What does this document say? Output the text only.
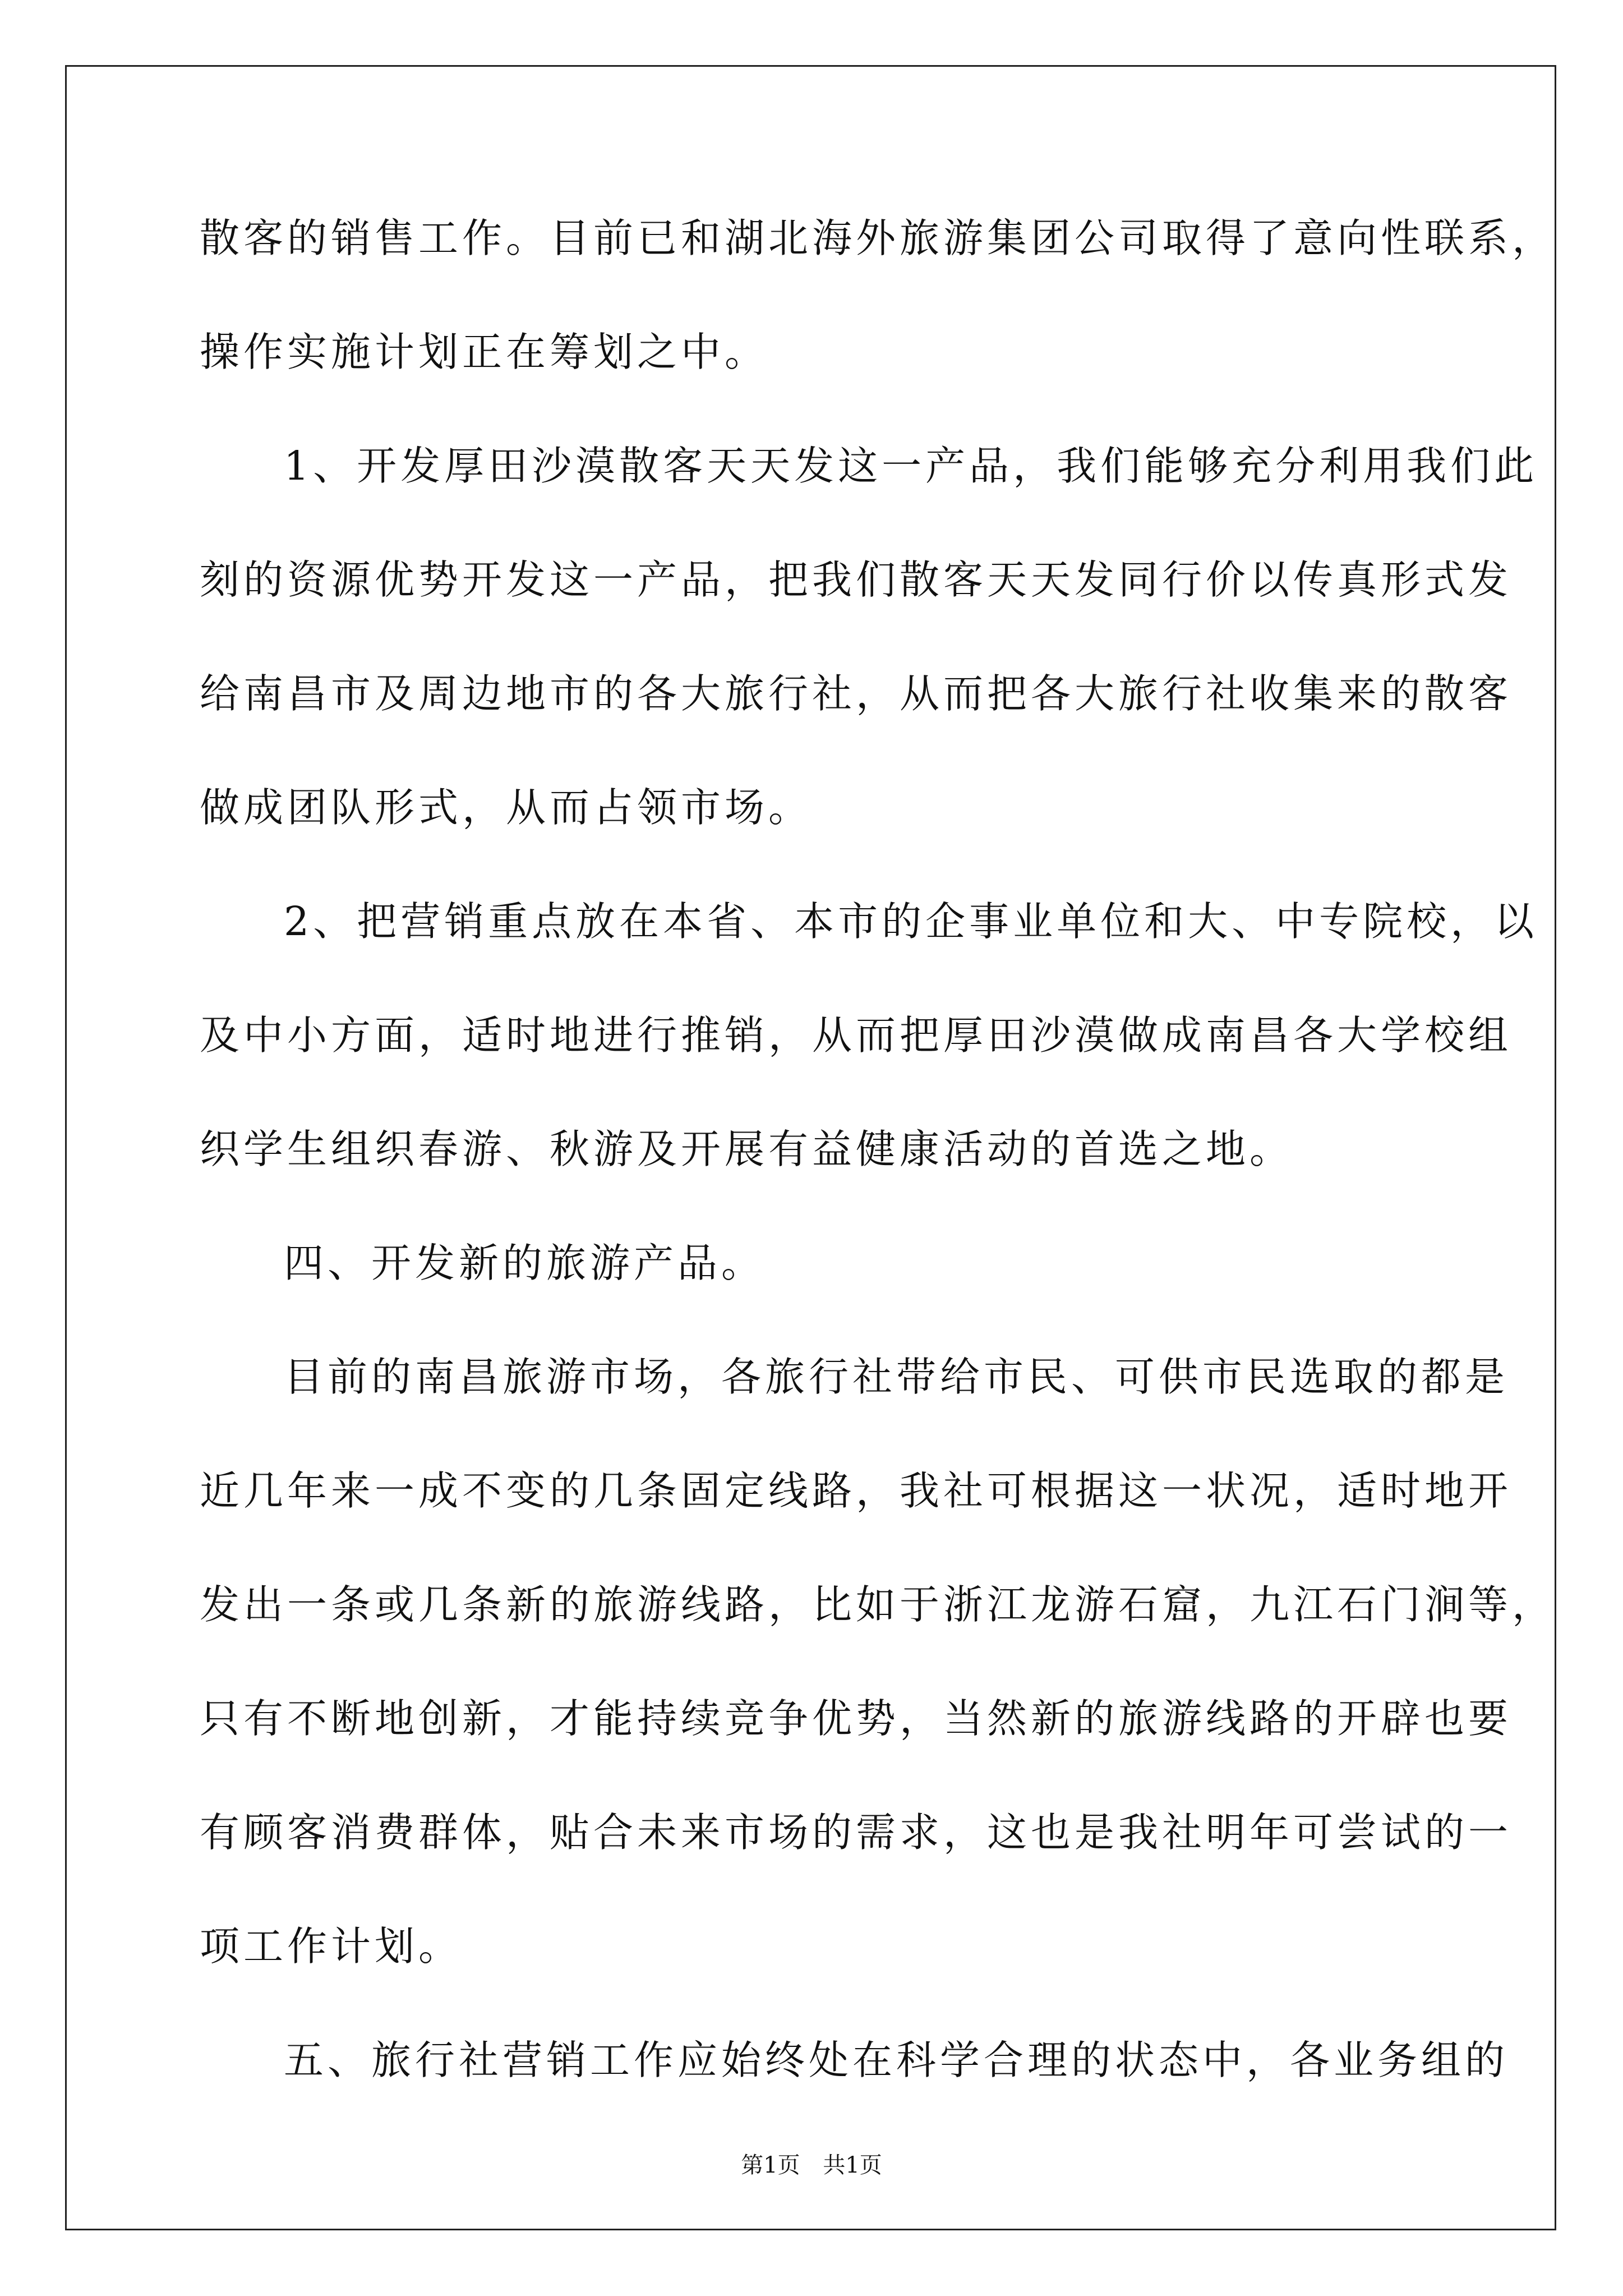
散客的销售工作。目前已和湖北海外旅游集团公司取得了意向性联系，
操作实施计划正在筹划之中。
1、开发厚田沙漠散客天天发这一产品，我们能够充分利用我们此
刻的资源优势开发这一产品，把我们散客天天发同行价以传真形式发
给南昌市及周边地市的各大旅行社，从而把各大旅行社收集来的散客
做成团队形式，从而占领市场。
2、把营销重点放在本省、本市的企事业单位和大、中专院校，以
及中小方面，适时地进行推销，从而把厚田沙漠做成南昌各大学校组
织学生组织春游、秋游及开展有益健康活动的首选之地。
四、开发新的旅游产品。
目前的南昌旅游市场，各旅行社带给市民、可供市民选取的都是
近几年来一成不变的几条固定线路，我社可根据这一状况，适时地开
发出一条或几条新的旅游线路，比如于浙江龙游石窟，九江石门涧等，
只有不断地创新，才能持续竞争优势，当然新的旅游线路的开辟也要
有顾客消费群体，贴合未来市场的需求，这也是我社明年可尝试的一
项工作计划。
五、旅行社营销工作应始终处在科学合理的状态中，各业务组的
第1页 共1页
